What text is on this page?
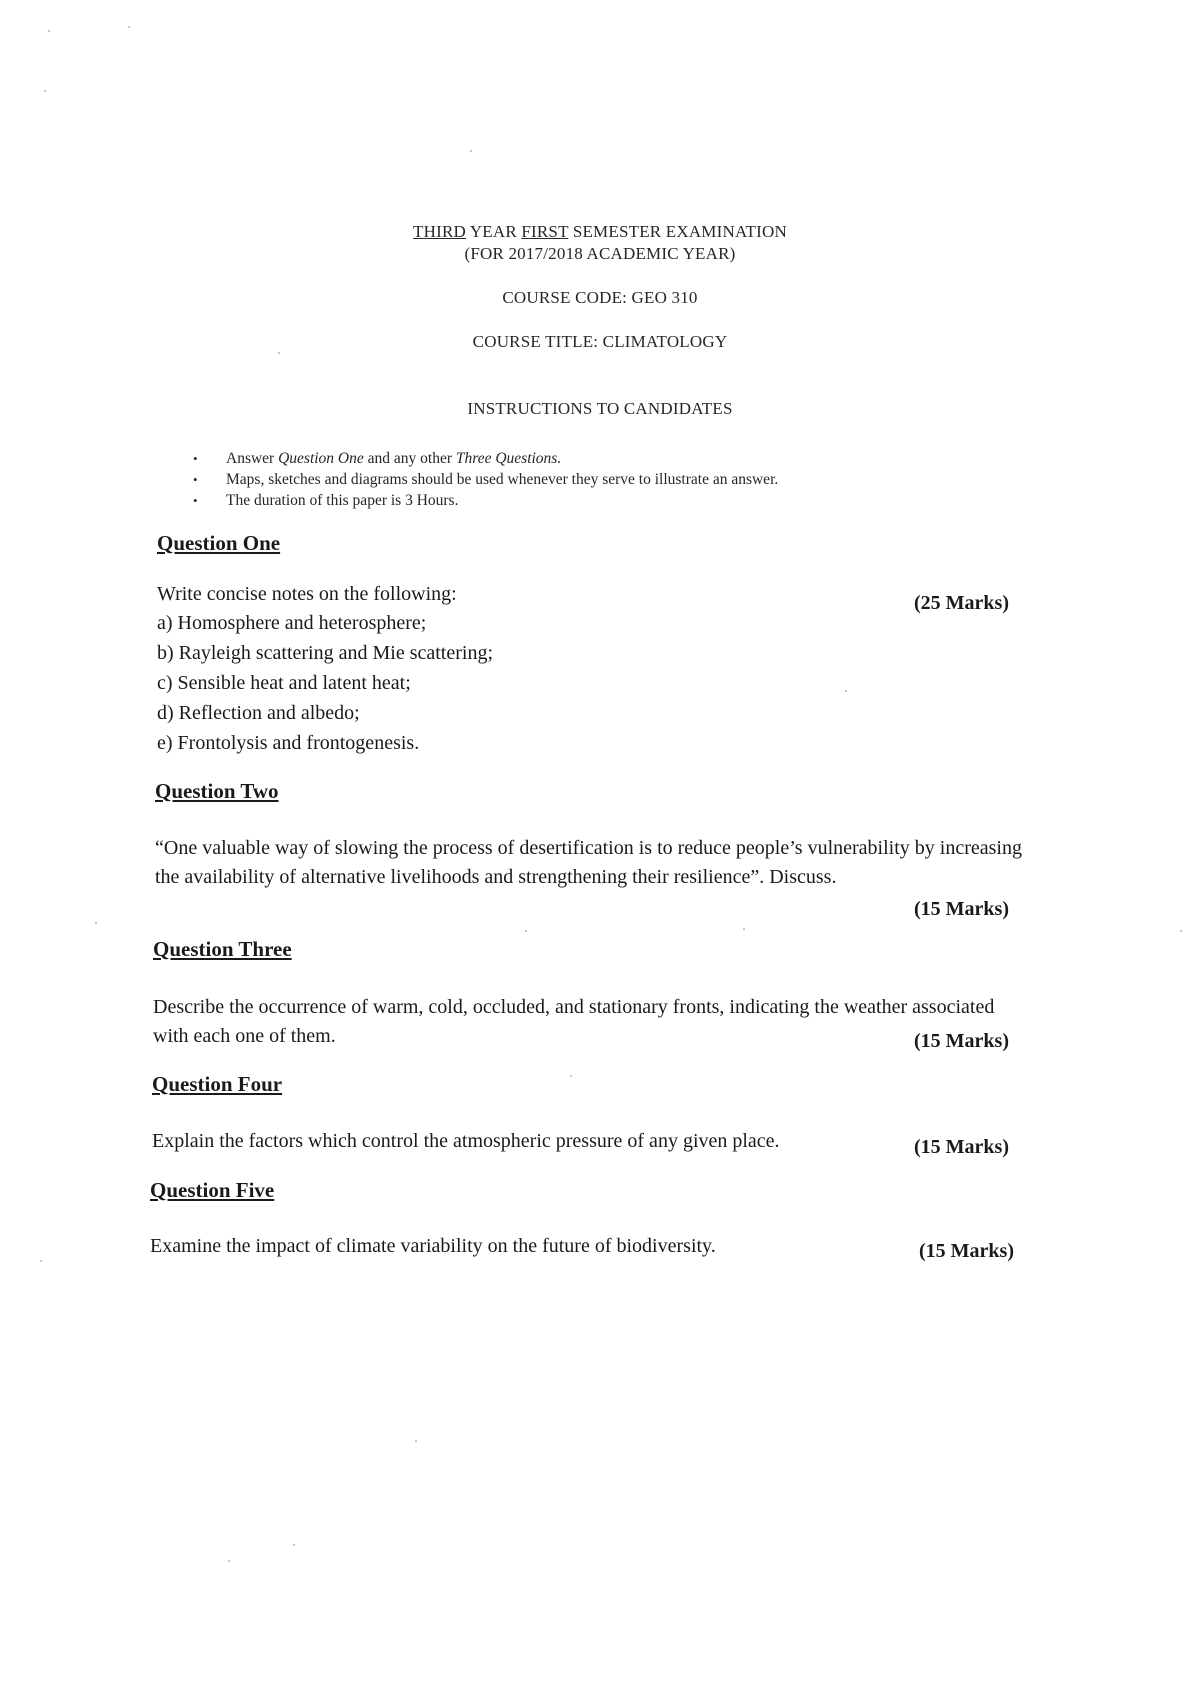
THIRD YEAR FIRST SEMESTER EXAMINATION
(FOR 2017/2018 ACADEMIC YEAR)
COURSE CODE: GEO 310
COURSE TITLE: CLIMATOLOGY
INSTRUCTIONS TO CANDIDATES
• Answer Question One and any other Three Questions.
• Maps, sketches and diagrams should be used whenever they serve to illustrate an answer.
• The duration of this paper is 3 Hours.
Question One
Write concise notes on the following:	(25 Marks)
a) Homosphere and heterosphere;
b) Rayleigh scattering and Mie scattering;
c) Sensible heat and latent heat;
d) Reflection and albedo;
e) Frontolysis and frontogenesis.
Question Two
“One valuable way of slowing the process of desertification is to reduce people’s vulnerability by increasing the availability of alternative livelihoods and strengthening their resilience”. Discuss.
(15 Marks)
Question Three
Describe the occurrence of warm, cold, occluded, and stationary fronts, indicating the weather associated with each one of them.	(15 Marks)
Question Four
Explain the factors which control the atmospheric pressure of any given place.	(15 Marks)
Question Five
Examine the impact of climate variability on the future of biodiversity.	(15 Marks)
